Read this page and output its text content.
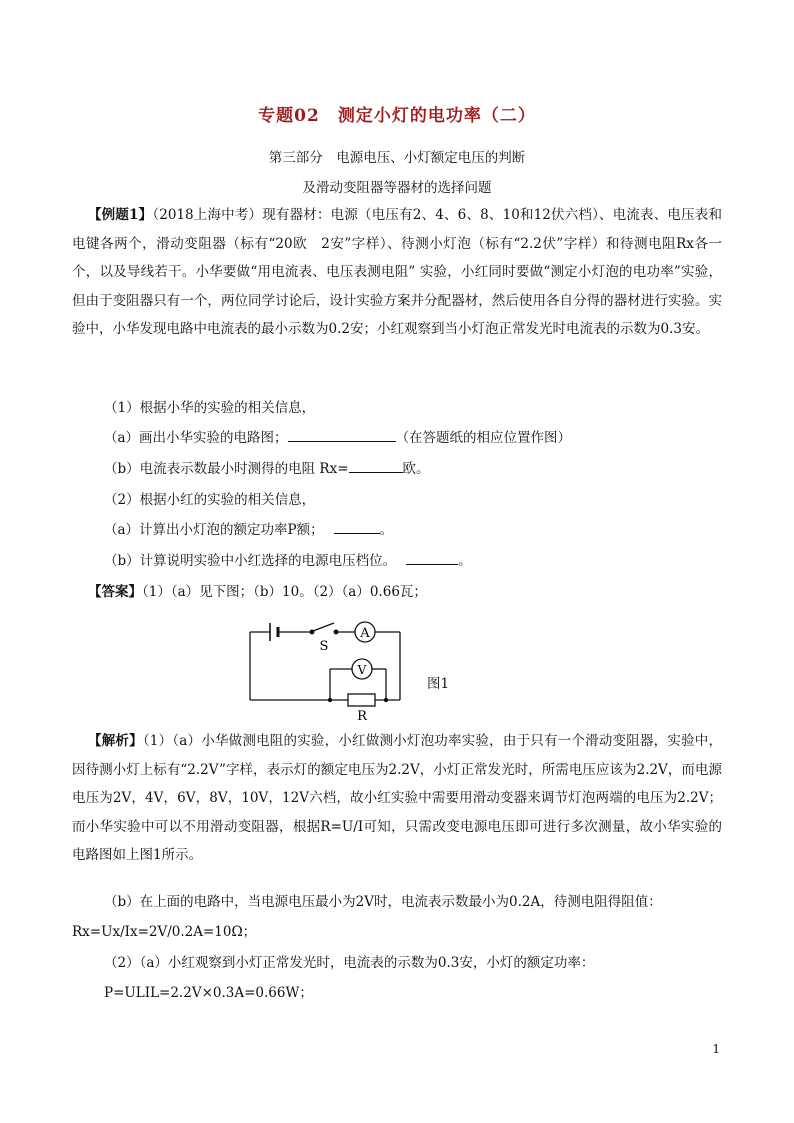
专题02　测定小灯的电功率（二）
第三部分　电源电压、小灯额定电压的判断
及滑动变阻器等器材的选择问题
【例题1】（2018上海中考）现有器材：电源（电压有2、4、6、8、10和12伏六档）、电流表、电压表和电键各两个，滑动变阻器（标有“20欧　2安”字样）、待测小灯泡（标有“2.2伏”字样）和待测电阻Rx各一个，以及导线若干。小华要做“用电流表、电压表测电阻” 实验，小红同时要做“测定小灯泡的电功率”实验，但由于变阻器只有一个，两位同学讨论后，设计实验方案并分配器材，然后使用各自分得的器材进行实验。实验中，小华发现电路中电流表的最小示数为0.2安；小红观察到当小灯泡正常发光时电流表的示数为0.3安。
（1）根据小华的实验的相关信息，
（a）画出小华实验的电路图；	（在答题纸的相应位置作图）
（b）电流表示数最小时测得的电阻 Rx=	欧。
（2）根据小红的实验的相关信息，
（a）计算出小灯泡的额定功率P额；	。
（b）计算说明实验中小红选择的电源电压档位。	。
【答案】（1）（a）见下图；（b）10。（2）（a）0.66瓦；
A
V
S
R
图1
【解析】（1）（a）小华做测电阻的实验，小红做测小灯泡功率实验，由于只有一个滑动变阻器，实验中，因待测小灯上标有“2.2V”字样，表示灯的额定电压为2.2V，小灯正常发光时，所需电压应该为2.2V，而电源电压为2V，4V，6V，8V，10V，12V六档，故小红实验中需要用滑动变器来调节灯泡两端的电压为2.2V；而小华实验中可以不用滑动变阻器，根据R=U/I可知，只需改变电源电压即可进行多次测量，故小华实验的电路图如上图1所示。
（b）在上面的电路中，当电源电压最小为2V时，电流表示数最小为0.2A，待测电阻得阻值：
Rx=Ux/Ix=2V/0.2A=10Ω；
（2）（a）小红观察到小灯正常发光时，电流表的示数为0.3安，小灯的额定功率：
P=ULIL=2.2V×0.3A=0.66W；
1
